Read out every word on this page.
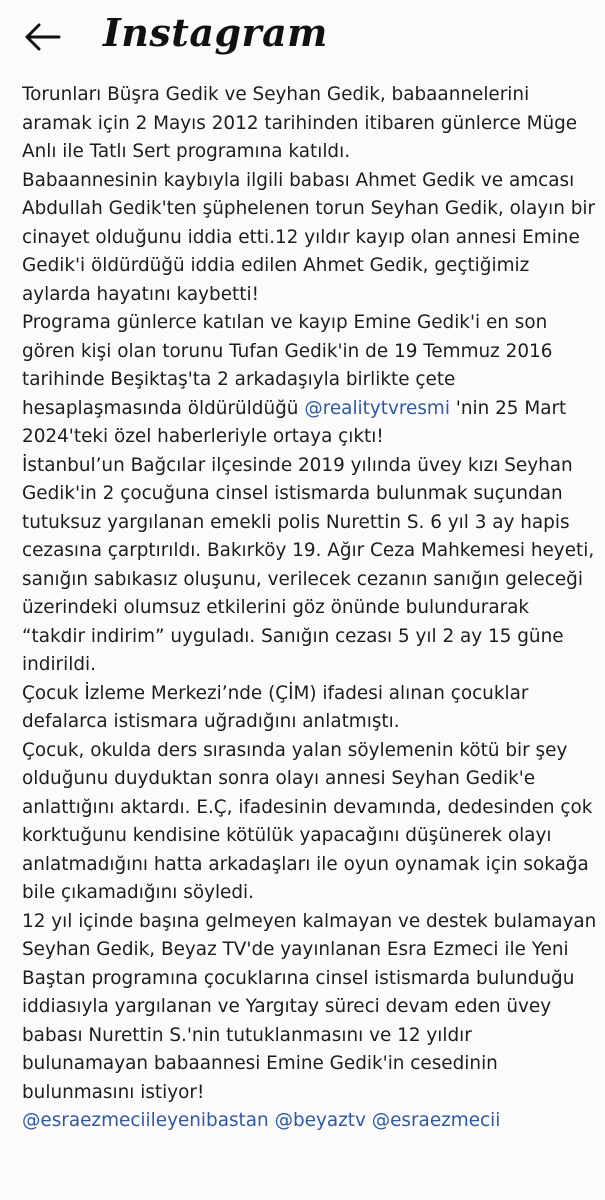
Instagram

Torunları Büşra Gedik ve Seyhan Gedik, babaannelerini aramak için 2 Mayıs 2012 tarihinden itibaren günlerce Müge Anlı ile Tatlı Sert programına katıldı.
Babaannesinin kaybıyla ilgili babası Ahmet Gedik ve amcası Abdullah Gedik'ten şüphelenen torun Seyhan Gedik, olayın bir cinayet olduğunu iddia etti.12 yıldır kayıp olan annesi Emine Gedik'i öldürdüğü iddia edilen Ahmet Gedik, geçtiğimiz aylarda hayatını kaybetti!
Programa günlerce katılan ve kayıp Emine Gedik'i en son gören kişi olan torunu Tufan Gedik'in de 19 Temmuz 2016 tarihinde Beşiktaş'ta 2 arkadaşıyla birlikte çete hesaplaşmasında öldürüldüğü @realitytvresmi 'nin 25 Mart 2024'teki özel haberleriyle ortaya çıktı!
İstanbul’un Bağcılar ilçesinde 2019 yılında üvey kızı Seyhan Gedik'in 2 çocuğuna cinsel istismarda bulunmak suçundan tutuksuz yargılanan emekli polis Nurettin S. 6 yıl 3 ay hapis cezasına çarptırıldı. Bakırköy 19. Ağır Ceza Mahkemesi heyeti, sanığın sabıkasız oluşunu, verilecek cezanın sanığın geleceği üzerindeki olumsuz etkilerini göz önünde bulundurarak “takdir indirim” uyguladı. Sanığın cezası 5 yıl 2 ay 15 güne indirildi.
Çocuk İzleme Merkezi’nde (ÇİM) ifadesi alınan çocuklar defalarca istismara uğradığını anlatmıştı.
Çocuk, okulda ders sırasında yalan söylemenin kötü bir şey olduğunu duyduktan sonra olayı annesi Seyhan Gedik'e anlattığını aktardı. E.Ç, ifadesinin devamında, dedesinden çok korktuğunu kendisine kötülük yapacağını düşünerek olayı anlatmadığını hatta arkadaşları ile oyun oynamak için sokağa bile çıkamadığını söyledi.
12 yıl içinde başına gelmeyen kalmayan ve destek bulamayan Seyhan Gedik, Beyaz TV'de yayınlanan Esra Ezmeci ile Yeni Baştan programına çocuklarına cinsel istismarda bulunduğu iddiasıyla yargılanan ve Yargıtay süreci devam eden üvey babası Nurettin S.'nin tutuklanmasını ve 12 yıldır bulunamayan babaannesi Emine Gedik'in cesedinin bulunmasını istiyor!
@esraezmeciileyenibastan @beyaztv @esraezmecii
